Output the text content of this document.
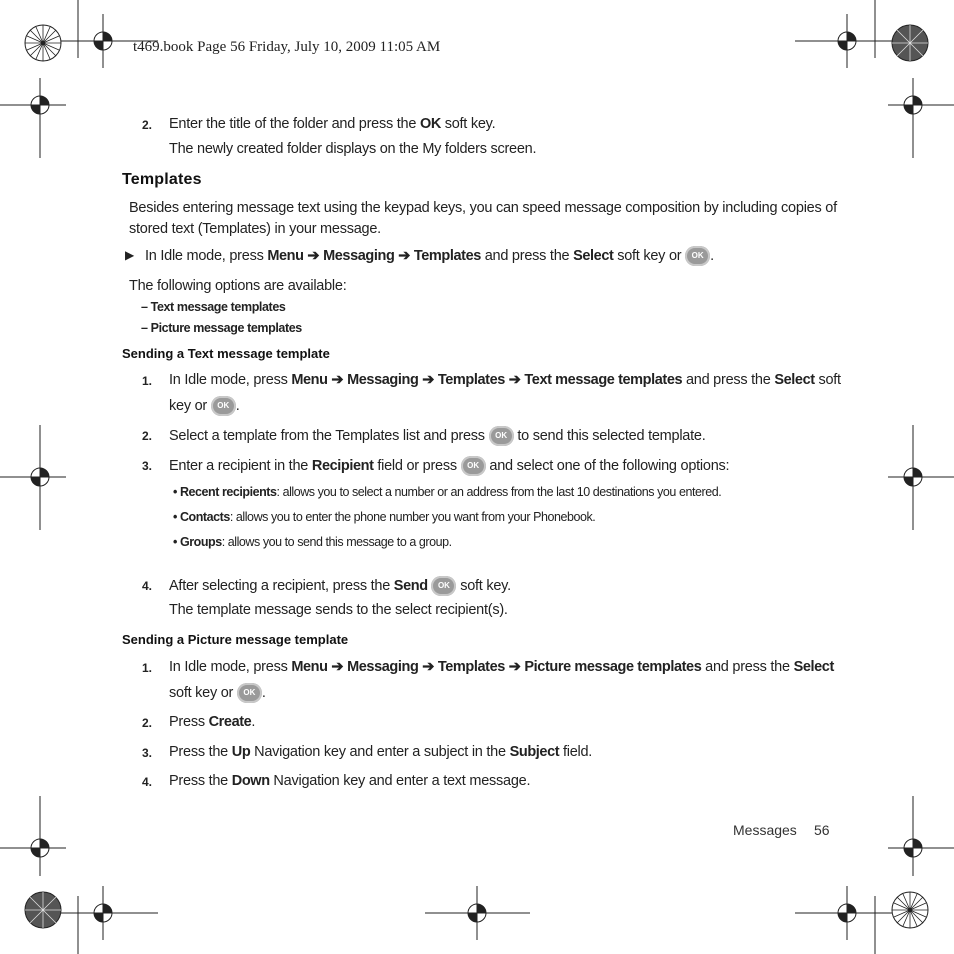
t469.book Page 56 Friday, July 10, 2009 11:05 AM
2. Enter the title of the folder and press the OK soft key.
The newly created folder displays on the My folders screen.
Templates
Besides entering message text using the keypad keys, you can speed message composition by including copies of
stored text (Templates) in your message.
▶ In Idle mode, press Menu ➔ Messaging ➔ Templates and press the Select soft key or OK .
The following options are available:
– Text message templates
– Picture message templates
Sending a Text message template
1. In Idle mode, press Menu ➔ Messaging ➔ Templates ➔ Text message templates and press the Select soft
key or OK .
2. Select a template from the Templates list and press OK to send this selected template.
3. Enter a recipient in the Recipient field or press OK and select one of the following options:
• Recent recipients: allows you to select a number or an address from the last 10 destinations you entered.
• Contacts: allows you to enter the phone number you want from your Phonebook.
• Groups: allows you to send this message to a group.
4. After selecting a recipient, press the Send OK soft key.
The template message sends to the select recipient(s).
Sending a Picture message template
1. In Idle mode, press Menu ➔ Messaging ➔ Templates ➔ Picture message templates and press the Select
soft key or OK .
2. Press Create.
3. Press the Up Navigation key and enter a subject in the Subject field.
4. Press the Down Navigation key and enter a text message.
Messages 56
